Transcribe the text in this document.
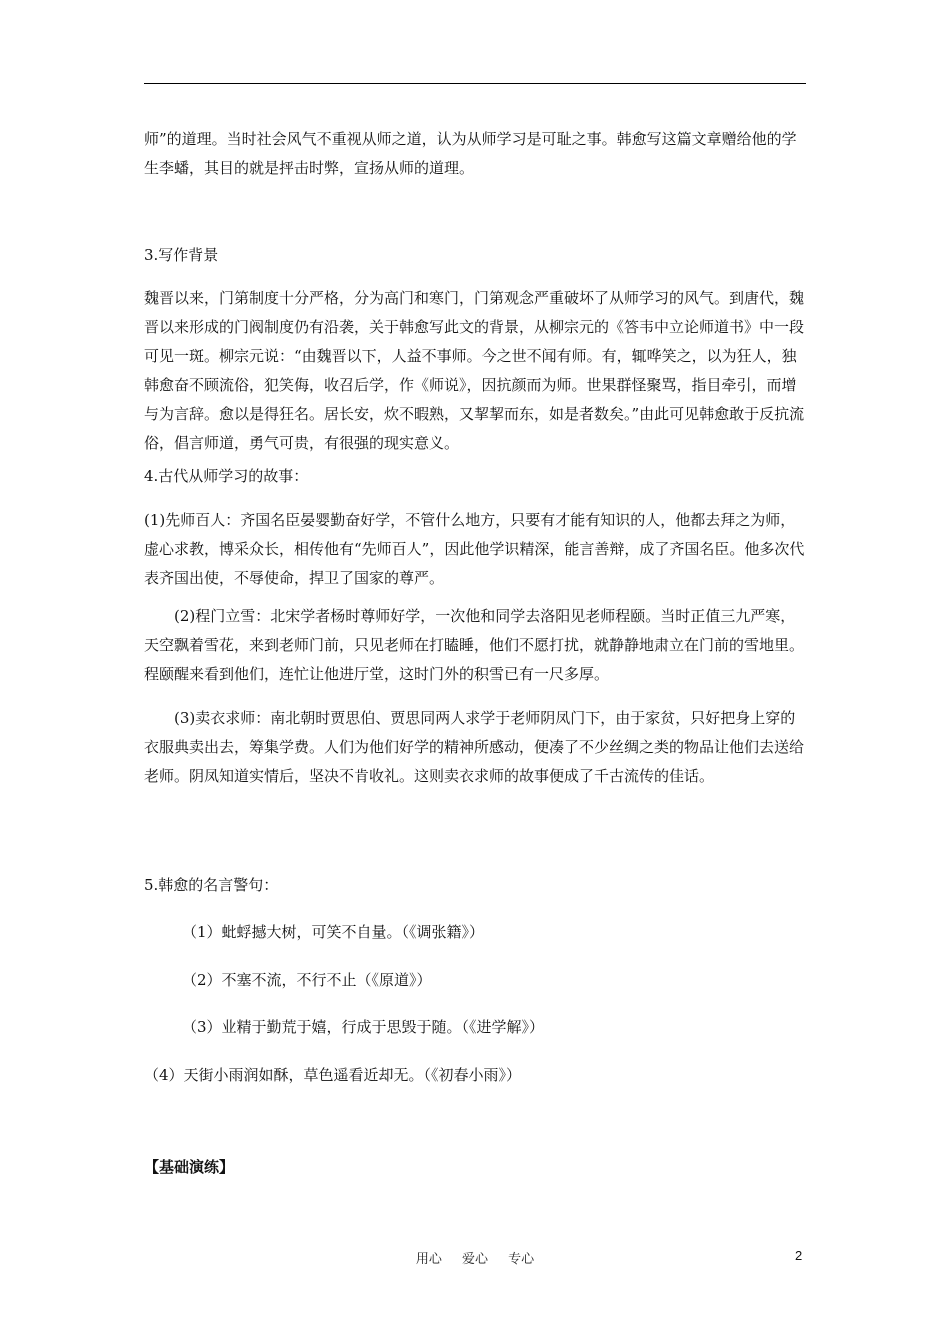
师”的道理。当时社会风气不重视从师之道，认为从师学习是可耻之事。韩愈写这篇文章赠给他的学生李蟠，其目的就是抨击时弊，宣扬从师的道理。

3.写作背景

魏晋以来，门第制度十分严格，分为高门和寒门，门第观念严重破坏了从师学习的风气。到唐代，魏晋以来形成的门阀制度仍有沿袭，关于韩愈写此文的背景，从柳宗元的《答韦中立论师道书》中一段可见一斑。柳宗元说：“由魏晋以下，人益不事师。今之世不闻有师。有，辄哗笑之，以为狂人，独韩愈奋不顾流俗，犯笑侮，收召后学，作《师说》，因抗颜而为师。世果群怪聚骂，指目牵引，而增与为言辞。愈以是得狂名。居长安，炊不暇熟，又挈挈而东，如是者数矣。”由此可见韩愈敢于反抗流俗，倡言师道，勇气可贵，有很强的现实意义。

4.古代从师学习的故事：

(1)先师百人：齐国名臣晏婴勤奋好学，不管什么地方，只要有才能有知识的人，他都去拜之为师，虚心求教，博采众长，相传他有“先师百人”，因此他学识精深，能言善辩，成了齐国名臣。他多次代表齐国出使，不辱使命，捍卫了国家的尊严。

(2)程门立雪：北宋学者杨时尊师好学，一次他和同学去洛阳见老师程颐。当时正值三九严寒，天空飘着雪花，来到老师门前，只见老师在打瞌睡，他们不愿打扰，就静静地肃立在门前的雪地里。程颐醒来看到他们，连忙让他进厅堂，这时门外的积雪已有一尺多厚。

(3)卖衣求师：南北朝时贾思伯、贾思同两人求学于老师阴凤门下，由于家贫，只好把身上穿的衣服典卖出去，筹集学费。人们为他们好学的精神所感动，便凑了不少丝绸之类的物品让他们去送给老师。阴凤知道实情后，坚决不肯收礼。这则卖衣求师的故事便成了千古流传的佳话。

5.韩愈的名言警句：

（1）蚍蜉撼大树，可笑不自量。（《调张籍》）

（2）不塞不流，不行不止（《原道》）

（3）业精于勤荒于嬉，行成于思毁于随。（《进学解》）

（4）天街小雨润如酥，草色遥看近却无。（《初春小雨》）

【基础演练】

用心 爱心 专心	2
